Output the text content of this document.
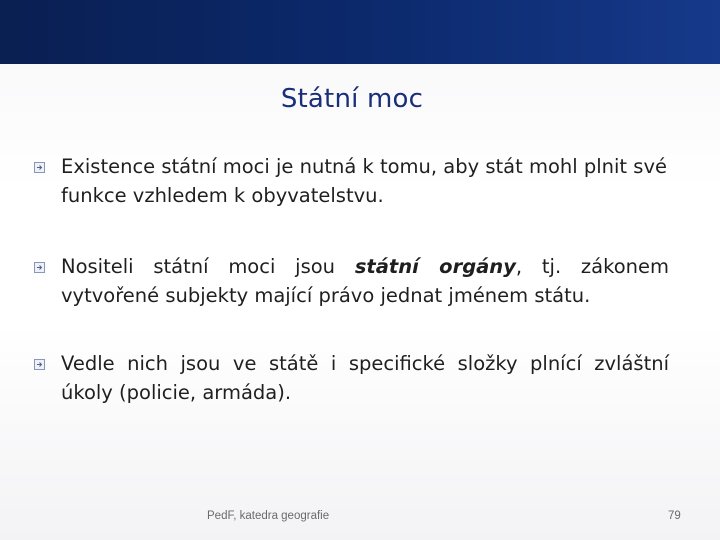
Státní moc
Existence státní moci je nutná k tomu, aby stát mohl plnit své funkce vzhledem k obyvatelstvu.
Nositeli státní moci jsou státní orgány, tj. zákonem vytvořené subjekty mající právo jednat jménem státu.
Vedle nich jsou ve státě i specifické složky plnící zvláštní úkoly (policie, armáda).
PedF, katedra geografie	79
